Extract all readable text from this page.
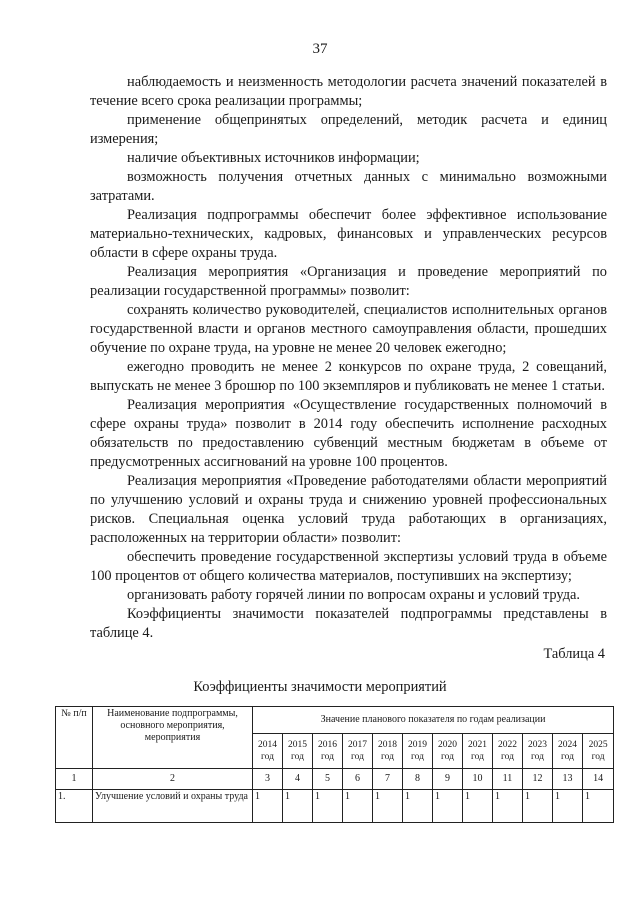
37

наблюдаемость и неизменность методологии расчета значений показателей в течение всего срока реализации программы;

применение общепринятых определений, методик расчета и единиц измерения;

наличие объективных источников информации;

возможность получения отчетных данных с минимально возможными затратами.

Реализация подпрограммы обеспечит более эффективное использование материально-технических, кадровых, финансовых и управленческих ресурсов области в сфере охраны труда.

Реализация мероприятия «Организация и проведение мероприятий по реализации государственной программы» позволит:

сохранять количество руководителей, специалистов исполнительных органов государственной власти и органов местного самоуправления области, прошедших обучение по охране труда, на уровне не менее 20 человек ежегодно;

ежегодно проводить не менее 2 конкурсов по охране труда, 2 совещаний, выпускать не менее 3 брошюр по 100 экземпляров и публиковать не менее 1 статьи.

Реализация мероприятия «Осуществление государственных полномочий в сфере охраны труда» позволит в 2014 году обеспечить исполнение расходных обязательств по предоставлению субвенций местным бюджетам в объеме от предусмотренных ассигнований на уровне 100 процентов.

Реализация мероприятия «Проведение работодателями области мероприятий по улучшению условий и охраны труда и снижению уровней профессиональных рисков. Специальная оценка условий труда работающих в организациях, расположенных на территории области» позволит:

обеспечить проведение государственной экспертизы условий труда в объеме 100 процентов от общего количества материалов, поступивших на экспертизу;

организовать работу горячей линии по вопросам охраны и условий труда.

Коэффициенты значимости показателей подпрограммы представлены в таблице 4.

Таблица 4
Коэффициенты значимости мероприятий
№ п/п	Наименование подпрограммы, основного мероприятия, мероприятия	Значение планового показателя по годам реализации											
		2014 год	2015 год	2016 год	2017 год	2018 год	2019 год	2020 год	2021 год	2022 год	2023 год	2024 год	2025 год
1	2	3	4	5	6	7	8	9	10	11	12	13	14
1.	Улучшение условий и охраны труда	1	1	1	1	1	1	1	1	1	1	1	1
